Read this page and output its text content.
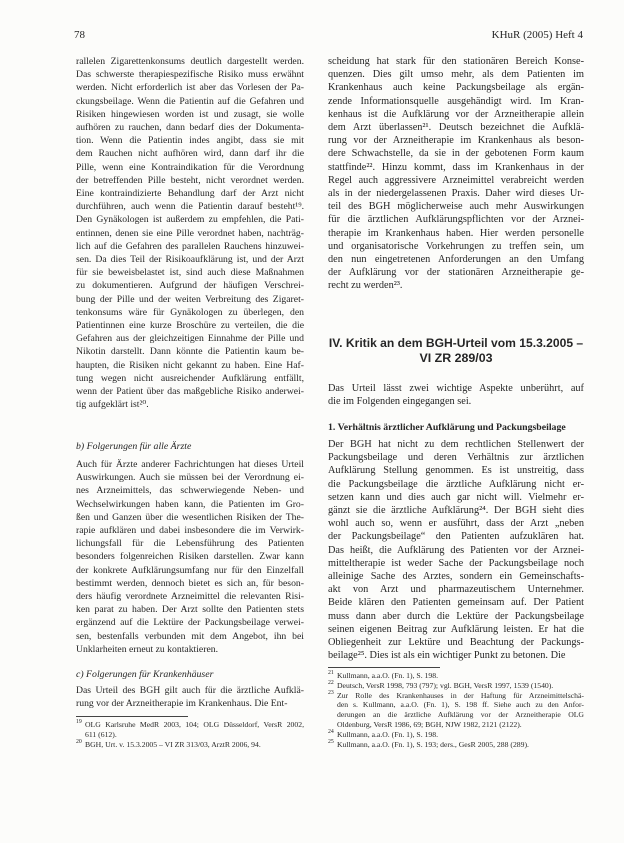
78	KHuR (2005) Heft 4
rallelen Zigarettenkonsums deutlich dargestellt werden.
Das schwerste therapiespezifische Risiko muss erwähnt
werden. Nicht erforderlich ist aber das Vorlesen der Pa-
ckungsbeilage. Wenn die Patientin auf die Gefahren und
Risiken hingewiesen worden ist und zusagt, sie wolle
aufhören zu rauchen, dann bedarf dies der Dokumenta-
tion. Wenn die Patientin indes angibt, dass sie mit
dem Rauchen nicht aufhören wird, dann darf ihr die
Pille, wenn eine Kontraindikation für die Verordnung
der betreffenden Pille besteht, nicht verordnet werden.
Eine kontraindizierte Behandlung darf der Arzt nicht
durchführen, auch wenn die Patientin darauf besteht¹⁹.
Den Gynäkologen ist außerdem zu empfehlen, die Pati-
entinnen, denen sie eine Pille verordnet haben, nachträg-
lich auf die Gefahren des parallelen Rauchens hinzuwei-
sen. Da dies Teil der Risikoaufklärung ist, und der Arzt
für sie beweisbelastet ist, sind auch diese Maßnahmen
zu dokumentieren. Aufgrund der häufigen Verschrei-
bung der Pille und der weiten Verbreitung des Zigaret-
tenkonsums wäre für Gynäkologen zu überlegen, den
Patientinnen eine kurze Broschüre zu verteilen, die die
Gefahren aus der gleichzeitigen Einnahme der Pille und
Nikotin darstellt. Dann könnte die Patientin kaum be-
haupten, die Risiken nicht gekannt zu haben. Eine Haf-
tung wegen nicht ausreichender Aufklärung entfällt,
wenn der Patient über das maßgebliche Risiko anderwei-
tig aufgeklärt ist²⁰.
b) Folgerungen für alle Ärzte
Auch für Ärzte anderer Fachrichtungen hat dieses Urteil
Auswirkungen. Auch sie müssen bei der Verordnung ei-
nes Arzneimittels, das schwerwiegende Neben- und
Wechselwirkungen haben kann, die Patienten im Gro-
ßen und Ganzen über die wesentlichen Risiken der The-
rapie aufklären und dabei insbesondere die im Verwirk-
lichungsfall für die Lebensführung des Patienten
besonders folgenreichen Risiken darstellen. Zwar kann
der konkrete Aufklärungsumfang nur für den Einzelfall
bestimmt werden, dennoch bietet es sich an, für beson-
ders häufig verordnete Arzneimittel die relevanten Risi-
ken parat zu haben. Der Arzt sollte den Patienten stets
ergänzend auf die Lektüre der Packungsbeilage verwei-
sen, bestenfalls verbunden mit dem Angebot, ihn bei
Unklarheiten erneut zu kontaktieren.
c) Folgerungen für Krankenhäuser
Das Urteil des BGH gilt auch für die ärztliche Aufklä-
rung vor der Arzneitherapie im Krankenhaus. Die Ent-
19 OLG Karlsruhe MedR 2003, 104; OLG Düsseldorf, VersR 2002,
611 (612).
20 BGH, Urt. v. 15.3.2005 – VI ZR 313/03, ArztR 2006, 94.
scheidung hat stark für den stationären Bereich Konse-
quenzen. Dies gilt umso mehr, als dem Patienten im
Krankenhaus auch keine Packungsbeilage als ergän-
zende Informationsquelle ausgehändigt wird. Im Kran-
kenhaus ist die Aufklärung vor der Arzneitherapie allein
dem Arzt überlassen²¹. Deutsch bezeichnet die Aufklä-
rung vor der Arzneitherapie im Krankenhaus als beson-
dere Schwachstelle, da sie in der gebotenen Form kaum
stattfinde²². Hinzu kommt, dass im Krankenhaus in der
Regel auch aggressivere Arzneimittel verabreicht werden
als in der niedergelassenen Praxis. Daher wird dieses Ur-
teil des BGH möglicherweise auch mehr Auswirkungen
für die ärztlichen Aufklärungspflichten vor der Arznei-
therapie im Krankenhaus haben. Hier werden personelle
und organisatorische Vorkehrungen zu treffen sein, um
den nun eingetretenen Anforderungen an den Umfang
der Aufklärung vor der stationären Arzneitherapie ge-
recht zu werden²³.
IV. Kritik an dem BGH-Urteil vom 15.3.2005 –
VI ZR 289/03
Das Urteil lässt zwei wichtige Aspekte unberührt, auf
die im Folgenden eingegangen sei.
1. Verhältnis ärztlicher Aufklärung und Packungsbeilage
Der BGH hat nicht zu dem rechtlichen Stellenwert der
Packungsbeilage und deren Verhältnis zur ärztlichen
Aufklärung Stellung genommen. Es ist unstreitig, dass
die Packungsbeilage die ärztliche Aufklärung nicht er-
setzen kann und dies auch gar nicht will. Vielmehr er-
gänzt sie die ärztliche Aufklärung²⁴. Der BGH sieht dies
wohl auch so, wenn er ausführt, dass der Arzt „neben
der Packungsbeilage“ den Patienten aufzuklären hat.
Das heißt, die Aufklärung des Patienten vor der Arznei-
mitteltherapie ist weder Sache der Packungsbeilage noch
alleinige Sache des Arztes, sondern ein Gemeinschafts-
akt von Arzt und pharmazeutischem Unternehmer.
Beide klären den Patienten gemeinsam auf. Der Patient
muss dann aber durch die Lektüre der Packungsbeilage
seinen eigenen Beitrag zur Aufklärung leisten. Er hat die
Obliegenheit zur Lektüre und Beachtung der Packungs-
beilage²⁵. Dies ist als ein wichtiger Punkt zu betonen. Die
21 Kullmann, a.a.O. (Fn. 1), S. 198.
22 Deutsch, VersR 1998, 793 (797); vgl. BGH, VersR 1997, 1539 (1540).
23 Zur Rolle des Krankenhauses in der Haftung für Arzneimittelschä-
den s. Kullmann, a.a.O. (Fn. 1), S. 198 ff. Siehe auch zu den Anfor-
derungen an die ärztliche Aufklärung vor der Arzneitherapie OLG
Oldenburg, VersR 1986, 69; BGH, NJW 1982, 2121 (2122).
24 Kullmann, a.a.O. (Fn. 1), S. 198.
25 Kullmann, a.a.O. (Fn. 1), S. 193; ders., GesR 2005, 288 (289).
